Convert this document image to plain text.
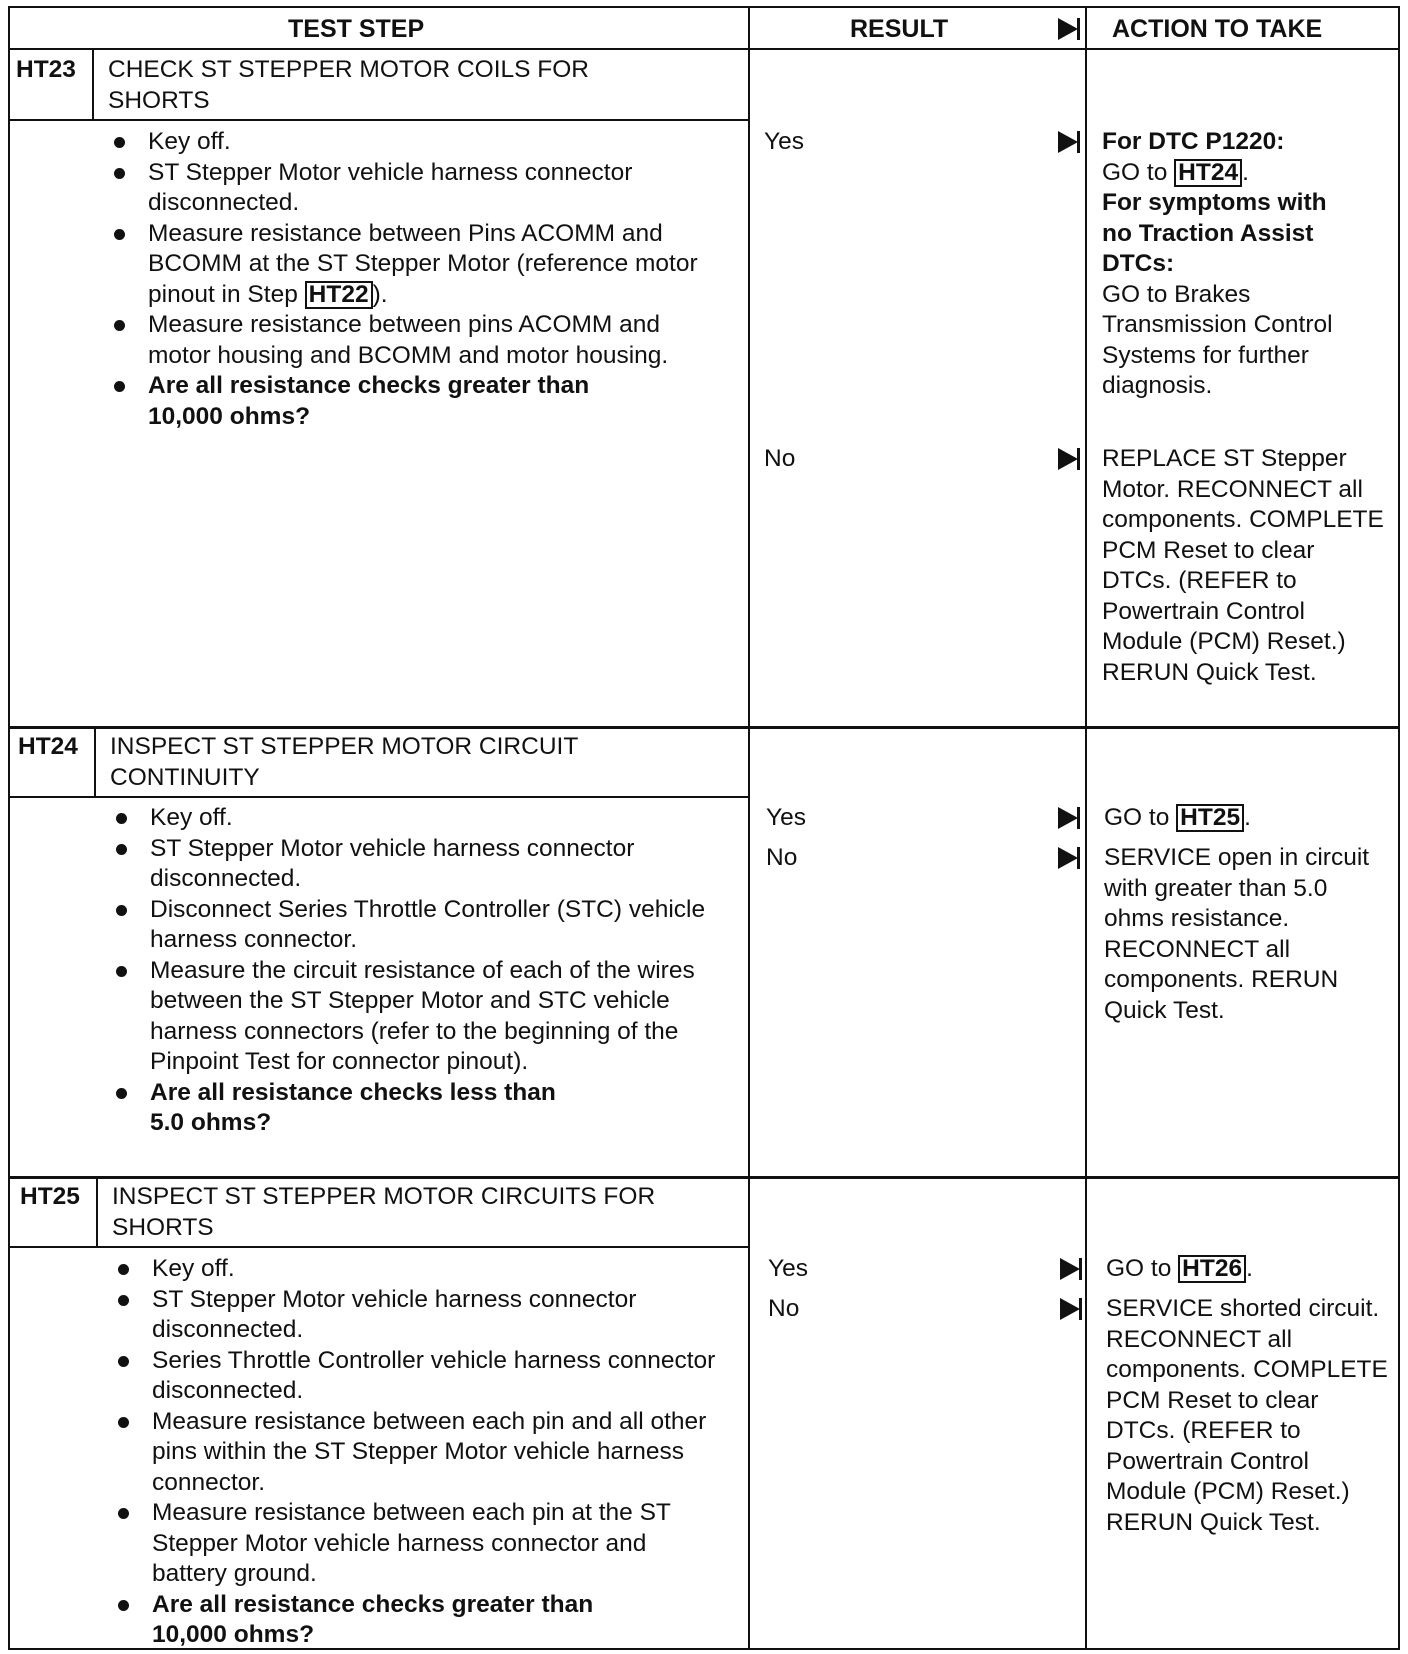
TEST STEP	RESULT	ACTION TO TAKE
HT23 CHECK ST STEPPER MOTOR COILS FOR SHORTS
Key off.
ST Stepper Motor vehicle harness connector disconnected.
Measure resistance between Pins ACOMM and BCOMM at the ST Stepper Motor (reference motor pinout in Step HT22 ).
Measure resistance between pins ACOMM and motor housing and BCOMM and motor housing.
Are all resistance checks greater than 10,000 ohms?
Yes	For DTC P1220:
GO to HT24 .
For symptoms with no Traction Assist DTCs:
GO to Brakes Transmission Control Systems for further diagnosis.
No	REPLACE ST Stepper Motor. RECONNECT all components. COMPLETE PCM Reset to clear DTCs. (REFER to Powertrain Control Module (PCM) Reset.) RERUN Quick Test.
HT24 INSPECT ST STEPPER MOTOR CIRCUIT CONTINUITY
Key off.
ST Stepper Motor vehicle harness connector disconnected.
Disconnect Series Throttle Controller (STC) vehicle harness connector.
Measure the circuit resistance of each of the wires between the ST Stepper Motor and STC vehicle harness connectors (refer to the beginning of the Pinpoint Test for connector pinout).
Are all resistance checks less than 5.0 ohms?
Yes	GO to HT25 .
No	SERVICE open in circuit with greater than 5.0 ohms resistance. RECONNECT all components. RERUN Quick Test.
HT25 INSPECT ST STEPPER MOTOR CIRCUITS FOR SHORTS
Key off.
ST Stepper Motor vehicle harness connector disconnected.
Series Throttle Controller vehicle harness connector disconnected.
Measure resistance between each pin and all other pins within the ST Stepper Motor vehicle harness connector.
Measure resistance between each pin at the ST Stepper Motor vehicle harness connector and battery ground.
Are all resistance checks greater than 10,000 ohms?
Yes	GO to HT26 .
No	SERVICE shorted circuit. RECONNECT all components. COMPLETE PCM Reset to clear DTCs. (REFER to Powertrain Control Module (PCM) Reset.) RERUN Quick Test.
